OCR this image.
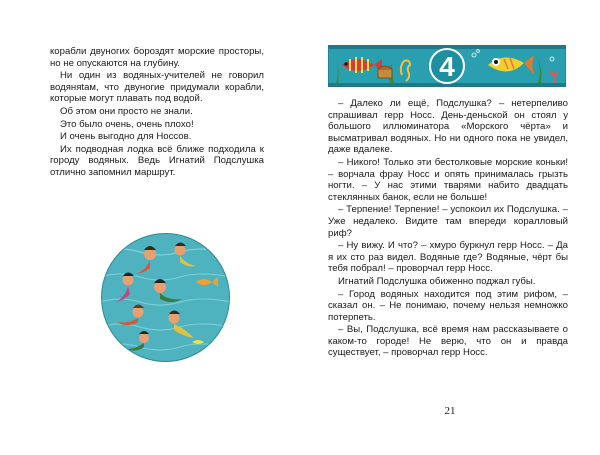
корабли двуногих бороздят морские просторы, но не опускаются на глубину.

Ни один из водяных-учителей не говорил водяняtам, что двуногие придумали корабли, которые могут плавать под водой.

Об этом они просто не знали.

Это было очень, очень плохо!

И очень выгодно для Носсов.

Их подводная лодка всё ближе подходила к городу водяных. Ведь Игнатий Подслушка отлично запомнил маршрут.

4

– Далеко ли ещё, Подслушка? – нетерпеливо спрашивал герр Носс. День-деньской он стоял у большого иллюминатора «Морского чёрта» и высматривал водяных. Но ни одного пока не увидел, даже вдалеке.

– Никого! Только эти бестолковые морские коньки! – ворчала фрау Носс и опять принималась грызть ногти. – У нас этими тварями набито двадцать стеклянных банок, если не больше!

– Терпение! Терпение! – успокоил их Подслушка. – Уже недалеко. Видите там впереди коралловый риф?

– Ну вижу. И что? – хмуро буркнул герр Носс. – Да я их сто раз видел. Водяные где? Водяные, чёрт бы тебя побрал! – проворчал герр Носс.

Игнатий Подслушка обиженно поджал губы.

– Город водяных находится под этим рифом, – сказал он. – Не понимаю, почему нельзя немножко потерпеть.

– Вы, Подслушка, всё время нам рассказываете о каком-то городе! Не верю, что он и правда существует, – проворчал герр Носс.

21
